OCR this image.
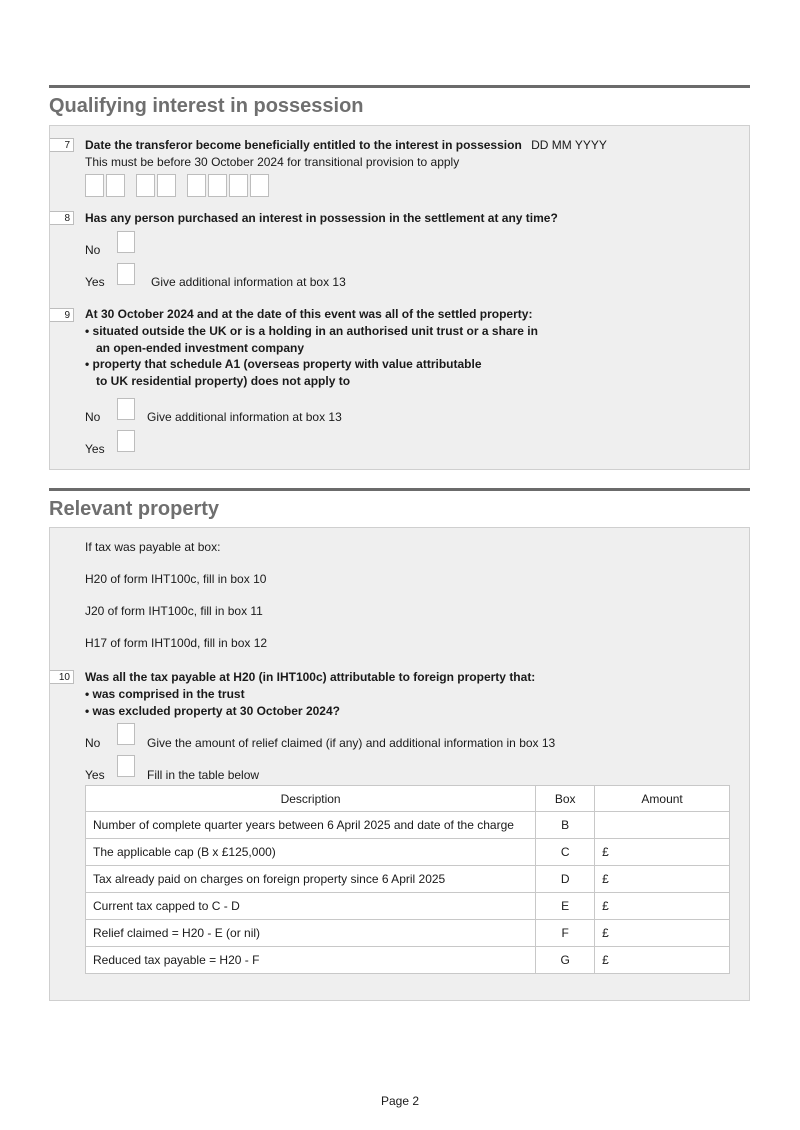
Qualifying interest in possession
7	Date the transferor become beneficially entitled to the interest in possession DD MM YYYY
This must be before 30 October 2024 for transitional provision to apply
8	Has any person purchased an interest in possession in the settlement at any time?
No
Yes	Give additional information at box 13
9	At 30 October 2024 and at the date of this event was all of the settled property:
• situated outside the UK or is a holding in an authorised unit trust or a share in
an open-ended investment company
• property that schedule A1 (overseas property with value attributable
to UK residential property) does not apply to
No	Give additional information at box 13
Yes
Relevant property
If tax was payable at box:
H20 of form IHT100c, fill in box 10
J20 of form IHT100c, fill in box 11
H17 of form IHT100d, fill in box 12
10	Was all the tax payable at H20 (in IHT100c) attributable to foreign property that:
• was comprised in the trust
• was excluded property at 30 October 2024?
No	Give the amount of relief claimed (if any) and additional information in box 13
Yes	Fill in the table below
Description	Box	Amount
Number of complete quarter years between 6 April 2025 and date of the charge	B	
The applicable cap (B x £125,000)	C	£
Tax already paid on charges on foreign property since 6 April 2025	D	£
Current tax capped to C - D	E	£
Relief claimed = H20 - E (or nil)	F	£
Reduced tax payable = H20 - F	G	£
Page 2
